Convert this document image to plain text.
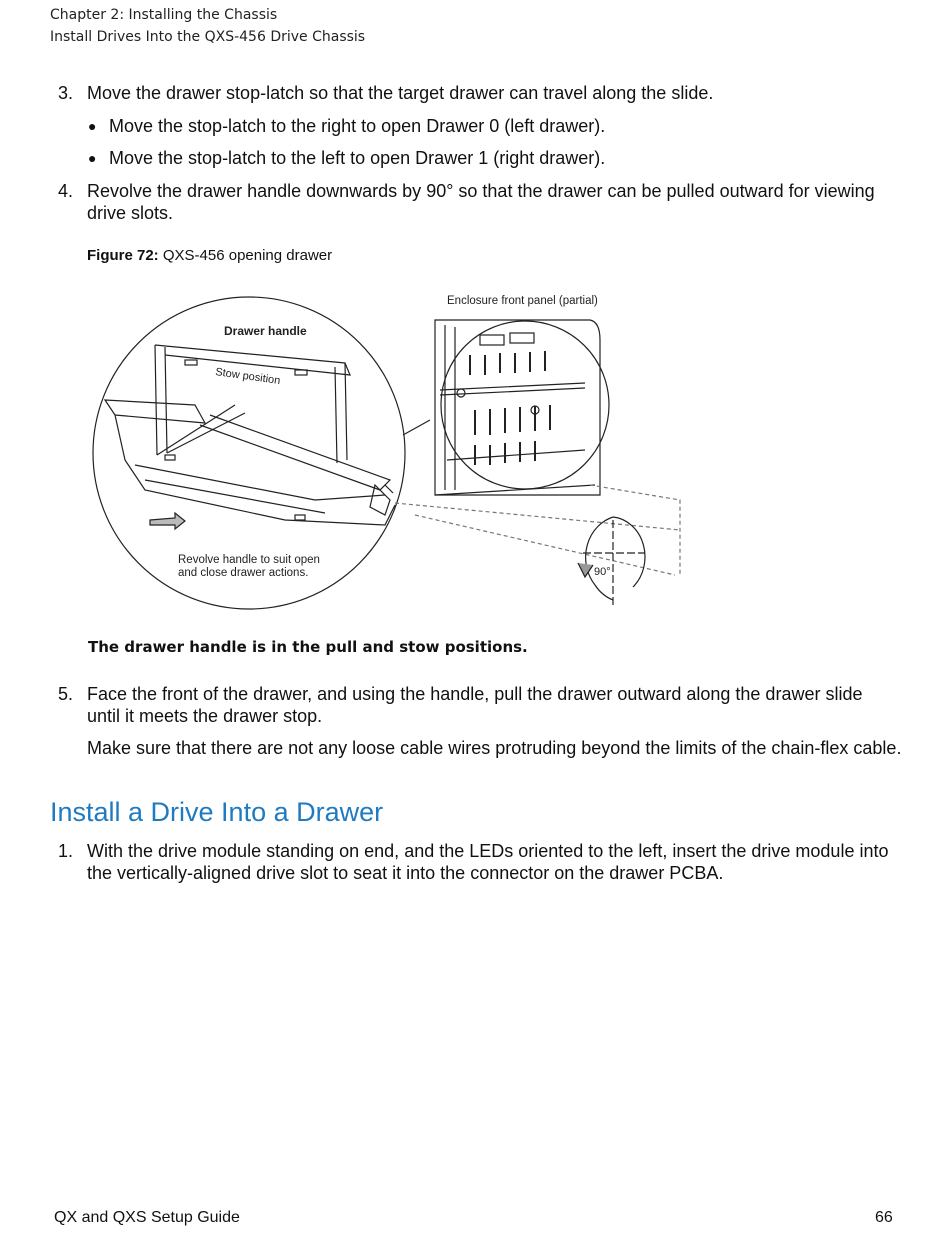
Chapter 2: Installing the Chassis
Install Drives Into the QXS-456 Drive Chassis
3. Move the drawer stop-latch so that the target drawer can travel along the slide.
● Move the stop-latch to the right to open Drawer 0 (left drawer).
● Move the stop-latch to the left to open Drawer 1 (right drawer).
4. Revolve the drawer handle downwards by 90° so that the drawer can be pulled outward for viewing drive slots.
Figure 72: QXS-456 opening drawer
Drawer handle
Stow position
Enclosure front panel (partial)
Revolve handle to suit open
and close drawer actions.	90°
The drawer handle is in the pull and stow positions.
5. Face the front of the drawer, and using the handle, pull the drawer outward along the drawer slide until it meets the drawer stop.
Make sure that there are not any loose cable wires protruding beyond the limits of the chain-flex cable.
Install a Drive Into a Drawer
1. With the drive module standing on end, and the LEDs oriented to the left, insert the drive module into the vertically-aligned drive slot to seat it into the connector on the drawer PCBA.
QX and QXS Setup Guide	66
